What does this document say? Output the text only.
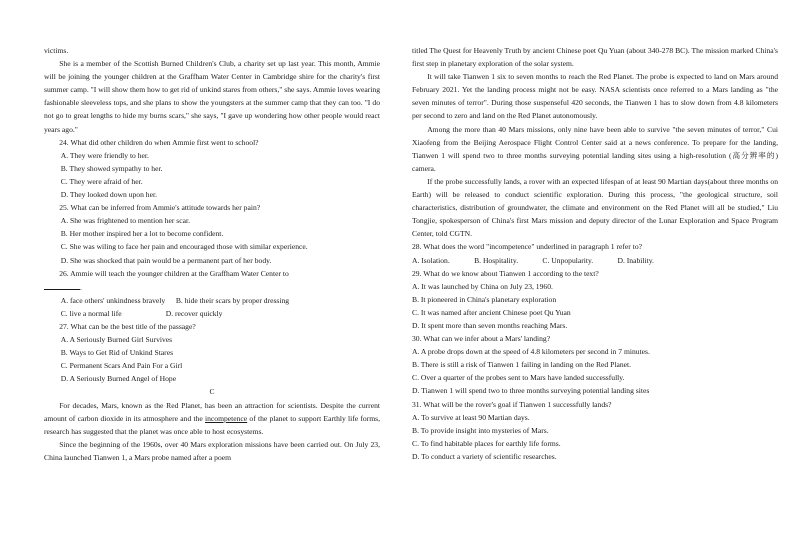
victims.

She is a member of the Scottish Burned Children's Club, a charity set up last year. This month, Ammie will be joining the younger children at the Graffham Water Center in Cambridge shire for the charity's first summer camp. "I will show them how to get rid of unkind stares from others," she says. Ammie loves wearing fashionable sleeveless tops, and she plans to show the youngsters at the summer camp that they can too. "I do not go to great lengths to hide my burns scars," she says, "I gave up wondering how other people would react years ago."

24. What did other children do when Ammie first went to school?

A. They were friendly to her.

B. They showed sympathy to her.

C. They were afraid of her.

D. They looked down upon her.

25. What can be inferred from Ammie's attitude towards her pain?

A. She was frightened to mention her scar.

B. Her mother inspired her a lot to become confident.

C. She was wiling to face her pain and encouraged those with similar experience.

D. She was shocked that pain would be a permanent part of her body.

26. Ammie will teach the younger children at the Graffham Water Center to
.

A. face others' unkindness bravely B. hide their scars by proper dressing

C. live a normal life	D. recover quickly

27. What can be the best title of the passage?

A. A Seriously Burned Girl Survives

B. Ways to Get Rid of Unkind Stares

C. Permanent Scars And Pain For a Girl

D. A Seriously Burned Angel of Hope

C

For decades, Mars, known as the Red Planet, has been an attraction for scientists. Despite the current amount of carbon dioxide in its atmosphere and the incompetence of the planet to support Earthly life forms, research has suggested that the planet was once able to host ecosystems.

Since the beginning of the 1960s, over 40 Mars exploration missions have been carried out. On July 23, China launched Tianwen 1, a Mars probe named after a poem

titled The Quest for Heavenly Truth by ancient Chinese poet Qu Yuan (about 340-278 BC). The mission marked China's first step in planetary exploration of the solar system.

It will take Tianwen 1 six to seven months to reach the Red Planet. The probe is expected to land on Mars around February 2021. Yet the landing process might not be easy. NASA scientists once referred to a Mars landing as "the seven minutes of terror". During those suspenseful 420 seconds, the Tianwen 1 has to slow down from 4.8 kilometers per second to zero and land on the Red Planet autonomously.

Among the more than 40 Mars missions, only nine have been able to survive "the seven minutes of terror," Cui Xiaofeng from the Beijing Aerospace Flight Control Center said at a news conference. To prepare for the landing, Tianwen 1 will spend two to three months surveying potential landing sites using a high-resolution (高分辨率的) camera.

If the probe successfully lands, a rover with an expected lifespan of at least 90 Martian days(about three months on Earth) will be released to conduct scientific exploration. During this process, "the geological structure, soil characteristics, distribution of groundwater, the climate and environment on the Red Planet will all be studied," Liu Tongjie, spokesperson of China's first Mars mission and deputy director of the Lunar Exploration and Space Program Center, told CGTN.

28. What does the word "incompetence" underlined in paragraph 1 refer to?

A. Isolation.	B. Hospitality.	C. Unpopularity.	D. Inability.

29. What do we know about Tianwen 1 according to the text?

A. It was launched by China on July 23, 1960.

B. It pioneered in China's planetary exploration

C. It was named after ancient Chinese poet Qu Yuan

D. It spent more than seven months reaching Mars.

30. What can we infer about a Mars' landing?

A. A probe drops down at the speed of 4.8 kilometers per second in 7 minutes.

B. There is still a risk of Tianwen 1 failing in landing on the Red Planet.

C. Over a quarter of the probes sent to Mars have landed successfully.

D. Tianwen 1 will spend two to three months surveying potential landing sites

31. What will be the rover's goal if Tianwen 1 successfully lands?

A. To survive at least 90 Martian days.

B. To provide insight into mysteries of Mars.

C. To find habitable places for earthly life forms.

D. To conduct a variety of scientific researches.
